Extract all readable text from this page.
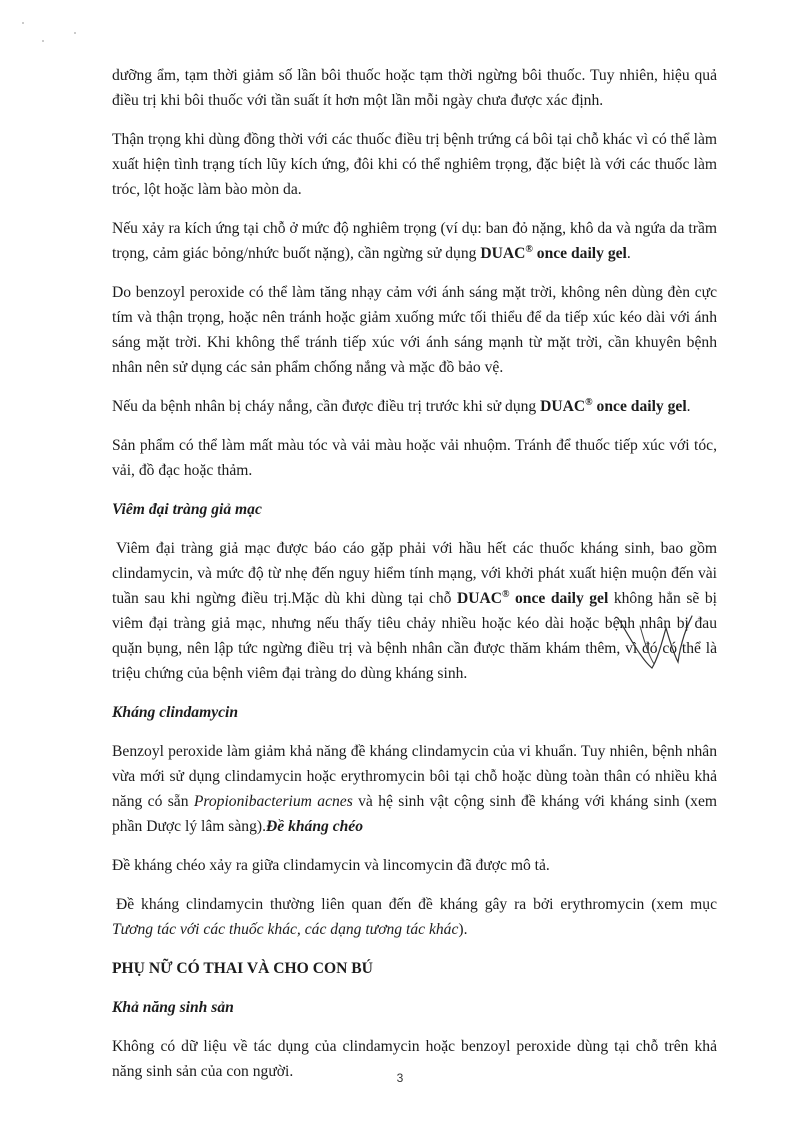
dưỡng ẩm, tạm thời giảm số lần bôi thuốc hoặc tạm thời ngừng bôi thuốc. Tuy nhiên, hiệu quả điều trị khi bôi thuốc với tần suất ít hơn một lần mỗi ngày chưa được xác định.

Thận trọng khi dùng đồng thời với các thuốc điều trị bệnh trứng cá bôi tại chỗ khác vì có thể làm xuất hiện tình trạng tích lũy kích ứng, đôi khi có thể nghiêm trọng, đặc biệt là với các thuốc làm tróc, lột hoặc làm bào mòn da.

Nếu xảy ra kích ứng tại chỗ ở mức độ nghiêm trọng (ví dụ: ban đỏ nặng, khô da và ngứa da trầm trọng, cảm giác bỏng/nhức buốt nặng), cần ngừng sử dụng DUAC® once daily gel.

Do benzoyl peroxide có thể làm tăng nhạy cảm với ánh sáng mặt trời, không nên dùng đèn cực tím và thận trọng, hoặc nên tránh hoặc giảm xuống mức tối thiểu để da tiếp xúc kéo dài với ánh sáng mặt trời. Khi không thể tránh tiếp xúc với ánh sáng mạnh từ mặt trời, cần khuyên bệnh nhân nên sử dụng các sản phẩm chống nắng và mặc đồ bảo vệ.

Nếu da bệnh nhân bị cháy nắng, cần được điều trị trước khi sử dụng DUAC® once daily gel.

Sản phẩm có thể làm mất màu tóc và vải màu hoặc vải nhuộm. Tránh để thuốc tiếp xúc với tóc, vải, đồ đạc hoặc thảm.

Viêm đại tràng giả mạc

Viêm đại tràng giả mạc được báo cáo gặp phải với hầu hết các thuốc kháng sinh, bao gồm clindamycin, và mức độ từ nhẹ đến nguy hiểm tính mạng, với khởi phát xuất hiện muộn đến vài tuần sau khi ngừng điều trị.Mặc dù khi dùng tại chỗ DUAC® once daily gel không hẳn sẽ bị viêm đại tràng giả mạc, nhưng nếu thấy tiêu chảy nhiều hoặc kéo dài hoặc bệnh nhân bị đau quặn bụng, nên lập tức ngừng điều trị và bệnh nhân cần được thăm khám thêm, vì đó có thể là triệu chứng của bệnh viêm đại tràng do dùng kháng sinh.

Kháng clindamycin

Benzoyl peroxide làm giảm khả năng đề kháng clindamycin của vi khuẩn. Tuy nhiên, bệnh nhân vừa mới sử dụng clindamycin hoặc erythromycin bôi tại chỗ hoặc dùng toàn thân có nhiều khả năng có sẵn Propionibacterium acnes và hệ sinh vật cộng sinh đề kháng với kháng sinh (xem phần Dược lý lâm sàng).Đề kháng chéo

Đề kháng chéo xảy ra giữa clindamycin và lincomycin đã được mô tả.

Đề kháng clindamycin thường liên quan đến đề kháng gây ra bởi erythromycin (xem mục Tương tác với các thuốc khác, các dạng tương tác khác).

PHỤ NỮ CÓ THAI VÀ CHO CON BÚ
Khả năng sinh sản

Không có dữ liệu về tác dụng của clindamycin hoặc benzoyl peroxide dùng tại chỗ trên khả năng sinh sản của con người.	3
